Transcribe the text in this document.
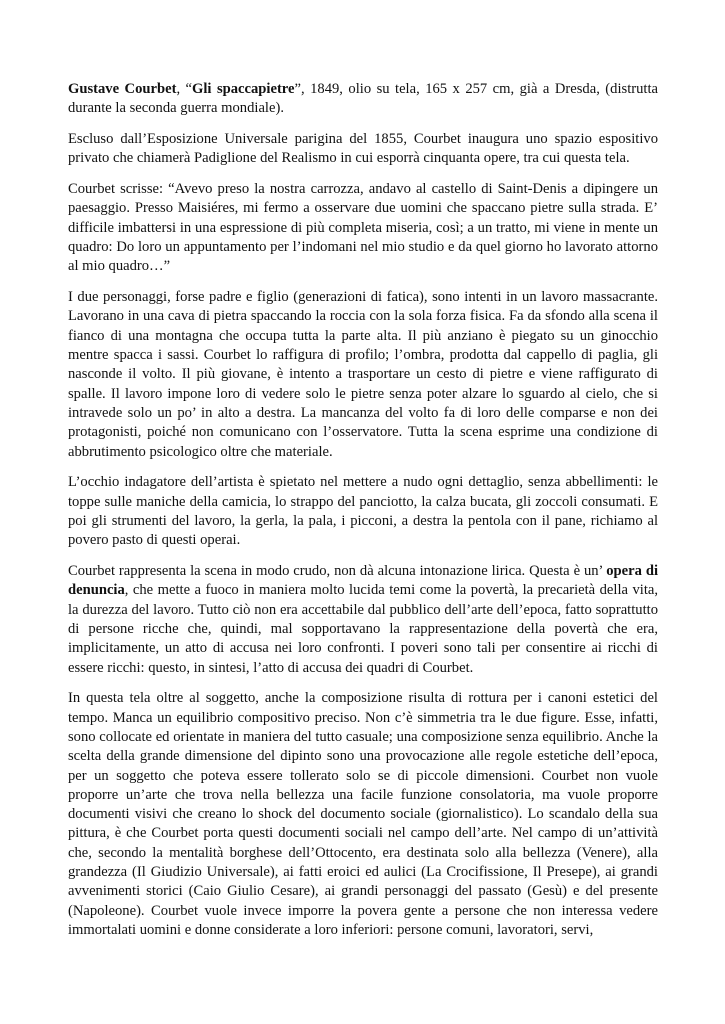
Gustave Courbet, “Gli spaccapietre”, 1849, olio su tela, 165 x 257 cm, già a Dresda, (distrutta durante la seconda guerra mondiale).

Escluso dall’Esposizione Universale parigina del 1855, Courbet inaugura uno spazio espositivo privato che chiamerà Padiglione del Realismo in cui esporrà cinquanta opere, tra cui questa tela.

Courbet scrisse: “Avevo preso la nostra carrozza, andavo al castello di Saint-Denis a dipingere un paesaggio. Presso Maisiéres, mi fermo a osservare due uomini che spaccano pietre sulla strada. E’ difficile imbattersi in una espressione di più completa miseria, così; a un tratto, mi viene in mente un quadro: Do loro un appuntamento per l’indomani nel mio studio e da quel giorno ho lavorato attorno al mio quadro…”

I due personaggi, forse padre e figlio (generazioni di fatica), sono intenti in un lavoro massacrante. Lavorano in una cava di pietra spaccando la roccia con la sola forza fisica. Fa da sfondo alla scena il fianco di una montagna che occupa tutta la parte alta. Il più anziano è piegato su un ginocchio mentre spacca i sassi. Courbet lo raffigura di profilo; l’ombra, prodotta dal cappello di paglia, gli nasconde il volto. Il più giovane, è intento a trasportare un cesto di pietre e viene raffigurato di spalle. Il lavoro impone loro di vedere solo le pietre senza poter alzare lo sguardo al cielo, che si intravede solo un po’ in alto a destra. La mancanza del volto fa di loro delle comparse e non dei protagonisti, poiché non comunicano con l’osservatore. Tutta la scena esprime una condizione di abbrutimento psicologico oltre che materiale.

L’occhio indagatore dell’artista è spietato nel mettere a nudo ogni dettaglio, senza abbellimenti: le toppe sulle maniche della camicia, lo strappo del panciotto, la calza bucata, gli zoccoli consumati. E poi gli strumenti del lavoro, la gerla, la pala, i picconi, a destra la pentola con il pane, richiamo al povero pasto di questi operai.

Courbet rappresenta la scena in modo crudo, non dà alcuna intonazione lirica. Questa è un’ opera di denuncia, che mette a fuoco in maniera molto lucida temi come la povertà, la precarietà della vita, la durezza del lavoro. Tutto ciò non era accettabile dal pubblico dell’arte dell’epoca, fatto soprattutto di persone ricche che, quindi, mal sopportavano la rappresentazione della povertà che era, implicitamente, un atto di accusa nei loro confronti. I poveri sono tali per consentire ai ricchi di essere ricchi: questo, in sintesi, l’atto di accusa dei quadri di Courbet.

In questa tela oltre al soggetto, anche la composizione risulta di rottura per i canoni estetici del tempo. Manca un equilibrio compositivo preciso. Non c’è simmetria tra le due figure. Esse, infatti, sono collocate ed orientate in maniera del tutto casuale; una composizione senza equilibrio. Anche la scelta della grande dimensione del dipinto sono una provocazione alle regole estetiche dell’epoca, per un soggetto che poteva essere tollerato solo se di piccole dimensioni. Courbet non vuole proporre un’arte che trova nella bellezza una facile funzione consolatoria, ma vuole proporre documenti visivi che creano lo shock del documento sociale (giornalistico). Lo scandalo della sua pittura, è che Courbet porta questi documenti sociali nel campo dell’arte. Nel campo di un’attività che, secondo la mentalità borghese dell’Ottocento, era destinata solo alla bellezza (Venere), alla grandezza (Il Giudizio Universale), ai fatti eroici ed aulici (La Crocifissione, Il Presepe), ai grandi avvenimenti storici (Caio Giulio Cesare), ai grandi personaggi del passato (Gesù) e del presente (Napoleone). Courbet vuole invece imporre la povera gente a persone che non interessa vedere immortalati uomini e donne considerate a loro inferiori: persone comuni, lavoratori, servi,
